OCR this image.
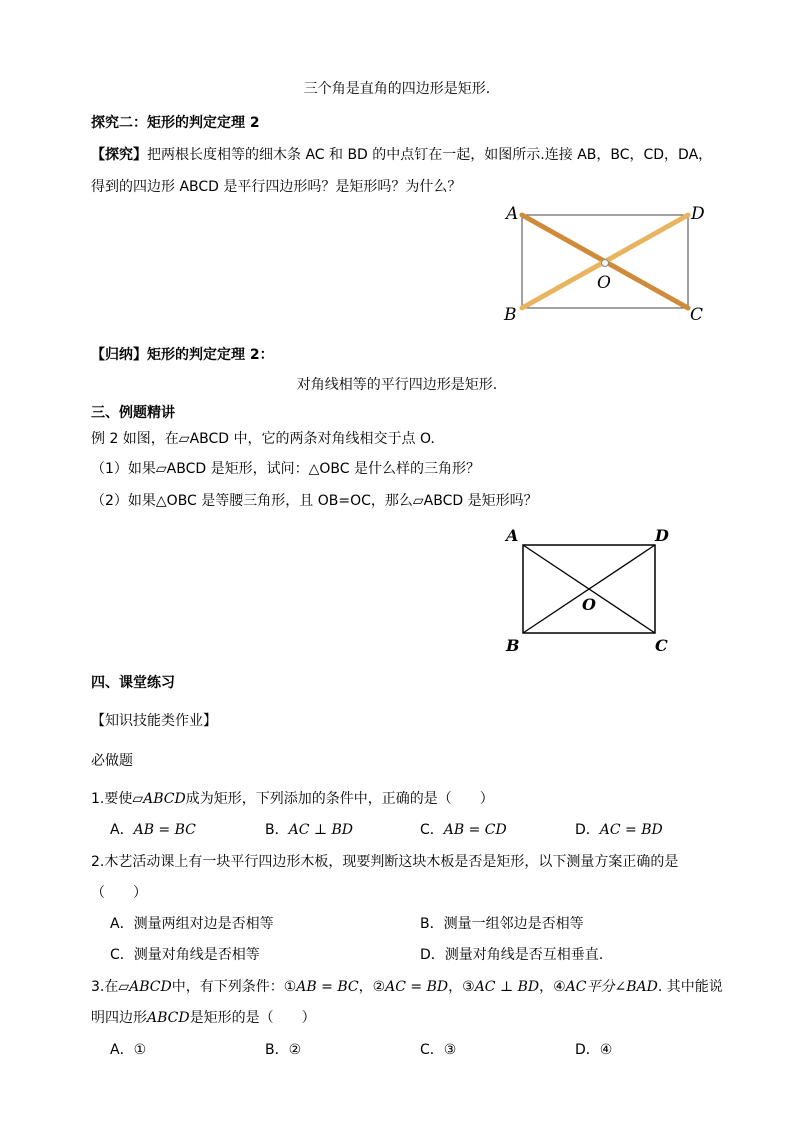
三个角是直角的四边形是矩形.
探究二：矩形的判定定理 2
【探究】把两根长度相等的细木条 AC 和 BD 的中点钉在一起，如图所示.连接 AB，BC，CD，DA，
得到的四边形 ABCD 是平行四边形吗？是矩形吗？为什么？
A	D
B	C
O
【归纳】矩形的判定定理 2：
对角线相等的平行四边形是矩形.
三、例题精讲
例 2 如图，在▱ABCD 中，它的两条对角线相交于点 O.
（1）如果▱ABCD 是矩形，试问：△OBC 是什么样的三角形？
（2）如果△OBC 是等腰三角形，且 OB=OC，那么▱ABCD 是矩形吗？
A	D
B	C
O
四、课堂练习
【知识技能类作业】
必做题
1.要使▱ABCD成为矩形，下列添加的条件中，正确的是（　　）
A．AB = BC	B．AC ⊥ BD	C．AB = CD	D．AC = BD
2.木艺活动课上有一块平行四边形木板，现要判断这块木板是否是矩形，以下测量方案正确的是
（　　）
A．测量两组对边是否相等	B．测量一组邻边是否相等
C．测量对角线是否相等	D．测量对角线是否互相垂直.
3.在▱ABCD中，有下列条件：①AB = BC，②AC = BD，③AC ⊥ BD，④AC平分∠BAD. 其中能说
明四边形ABCD是矩形的是（　　）
A．①	B．②	C．③	D．④
